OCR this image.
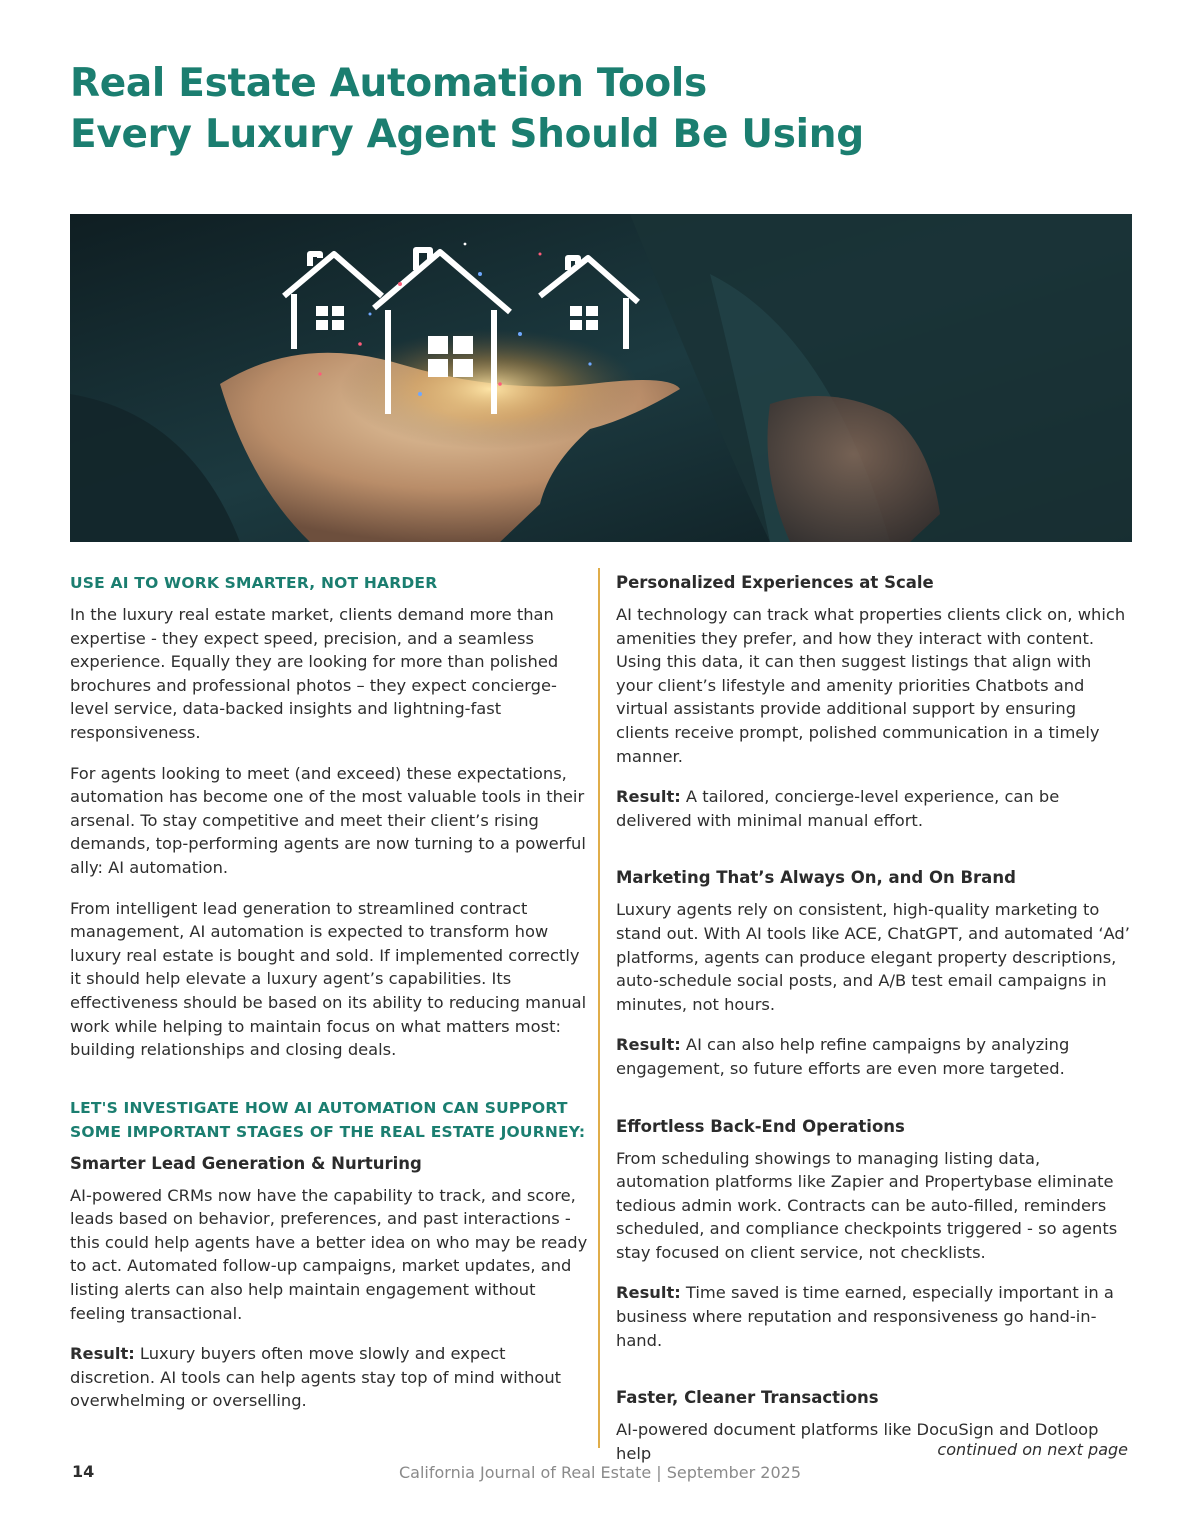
Real Estate Automation Tools
Every Luxury Agent Should Be Using
USE AI TO WORK SMARTER, NOT HARDER

In the luxury real estate market, clients demand more than expertise - they expect speed, precision, and a seamless experience. Equally they are looking for more than polished brochures and professional photos – they expect concierge-level service, data-backed insights and lightning-fast responsiveness.

For agents looking to meet (and exceed) these expectations, automation has become one of the most valuable tools in their arsenal. To stay competitive and meet their client’s rising demands, top-performing agents are now turning to a powerful ally: AI automation.

From intelligent lead generation to streamlined contract management, AI automation is expected to transform how luxury real estate is bought and sold. If implemented correctly it should help elevate a luxury agent’s capabilities. Its effectiveness should be based on its ability to reducing manual work while helping to maintain focus on what matters most: building relationships and closing deals.

LET'S INVESTIGATE HOW AI AUTOMATION CAN SUPPORT SOME IMPORTANT STAGES OF THE REAL ESTATE JOURNEY:
Smarter Lead Generation & Nurturing

AI-powered CRMs now have the capability to track, and score, leads based on behavior, preferences, and past interactions - this could help agents have a better idea on who may be ready to act. Automated follow-up campaigns, market updates, and listing alerts can also help maintain engagement without feeling transactional.

Result: Luxury buyers often move slowly and expect discretion. AI tools can help agents stay top of mind without overwhelming or overselling.

Personalized Experiences at Scale

AI technology can track what properties clients click on, which amenities they prefer, and how they interact with content. Using this data, it can then suggest listings that align with your client’s lifestyle and amenity priorities Chatbots and virtual assistants provide additional support by ensuring clients receive prompt, polished communication in a timely manner.

Result: A tailored, concierge-level experience, can be delivered with minimal manual effort.

Marketing That’s Always On, and On Brand

Luxury agents rely on consistent, high-quality marketing to stand out. With AI tools like ACE, ChatGPT, and automated ‘Ad’ platforms, agents can produce elegant property descriptions, auto-schedule social posts, and A/B test email campaigns in minutes, not hours.

Result: AI can also help refine campaigns by analyzing engagement, so future efforts are even more targeted.

Effortless Back-End Operations

From scheduling showings to managing listing data, automation platforms like Zapier and Propertybase eliminate tedious admin work. Contracts can be auto-filled, reminders scheduled, and compliance checkpoints triggered - so agents stay focused on client service, not checklists.

Result: Time saved is time earned, especially important in a business where reputation and responsiveness go hand-in-hand.

Faster, Cleaner Transactions

AI-powered document platforms like DocuSign and Dotloop help	continued on next page
14	California Journal of Real Estate | September 2025
